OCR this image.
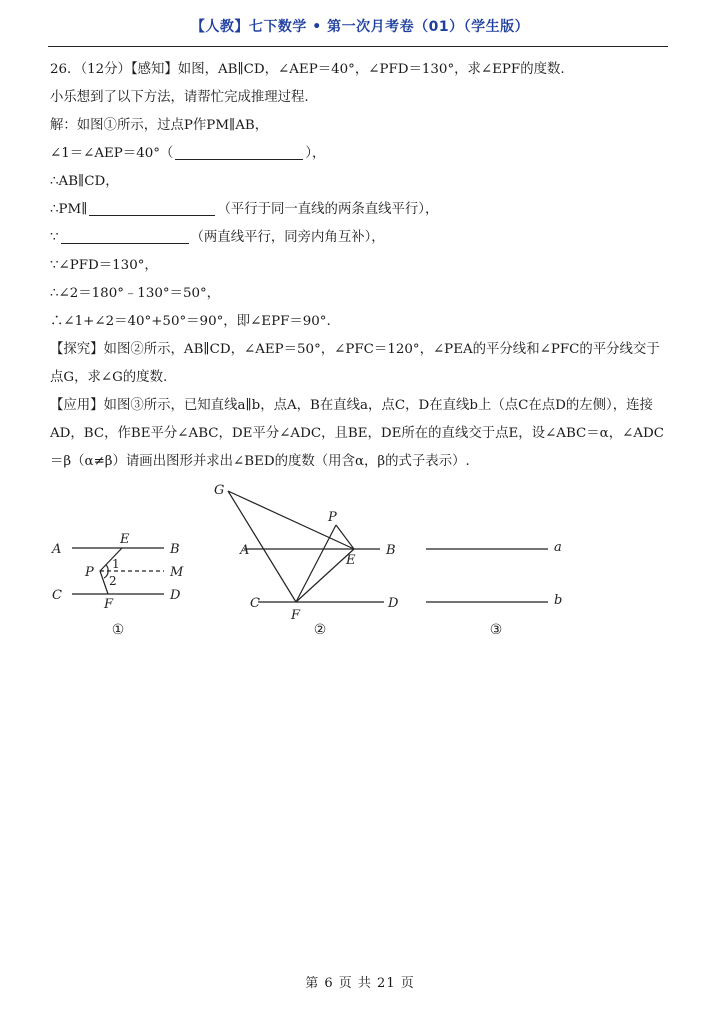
【人教】七下数学 • 第一次月考卷（01）（学生版）
26．（12分）【感知】如图，AB∥CD，∠AEP＝40°，∠PFD＝130°，求∠EPF的度数.
小乐想到了以下方法，请帮忙完成推理过程.
解：如图①所示，过点P作PM∥AB，
∠1＝∠AEP＝40°（	），
∴AB∥CD，
∴PM∥	（平行于同一直线的两条直线平行），
∵	（两直线平行，同旁内角互补），
∵∠PFD＝130°，
∴∠2＝180°﹣130°＝50°，
∴∠1+∠2＝40°+50°＝90°，即∠EPF＝90°.
【探究】如图②所示，AB∥CD，∠AEP＝50°，∠PFC＝120°，∠PEA的平分线和∠PFC的平分线交于点G，求∠G的度数.
【应用】如图③所示，已知直线a∥b，点A，B在直线a，点C，D在直线b上（点C在点D的左侧），连接AD，BC，作BE平分∠ABC，DE平分∠ADC，且BE，DE所在的直线交于点E，设∠ABC＝α，∠ADC＝β（α≠β）请画出图形并求出∠BED的度数（用含α，β的式子表示）.
A	B
C	D
E
F
P	M
1
2
G
P
A	B
E
C	D
F
a
b
①	②	③
第 6 页 共 21 页
